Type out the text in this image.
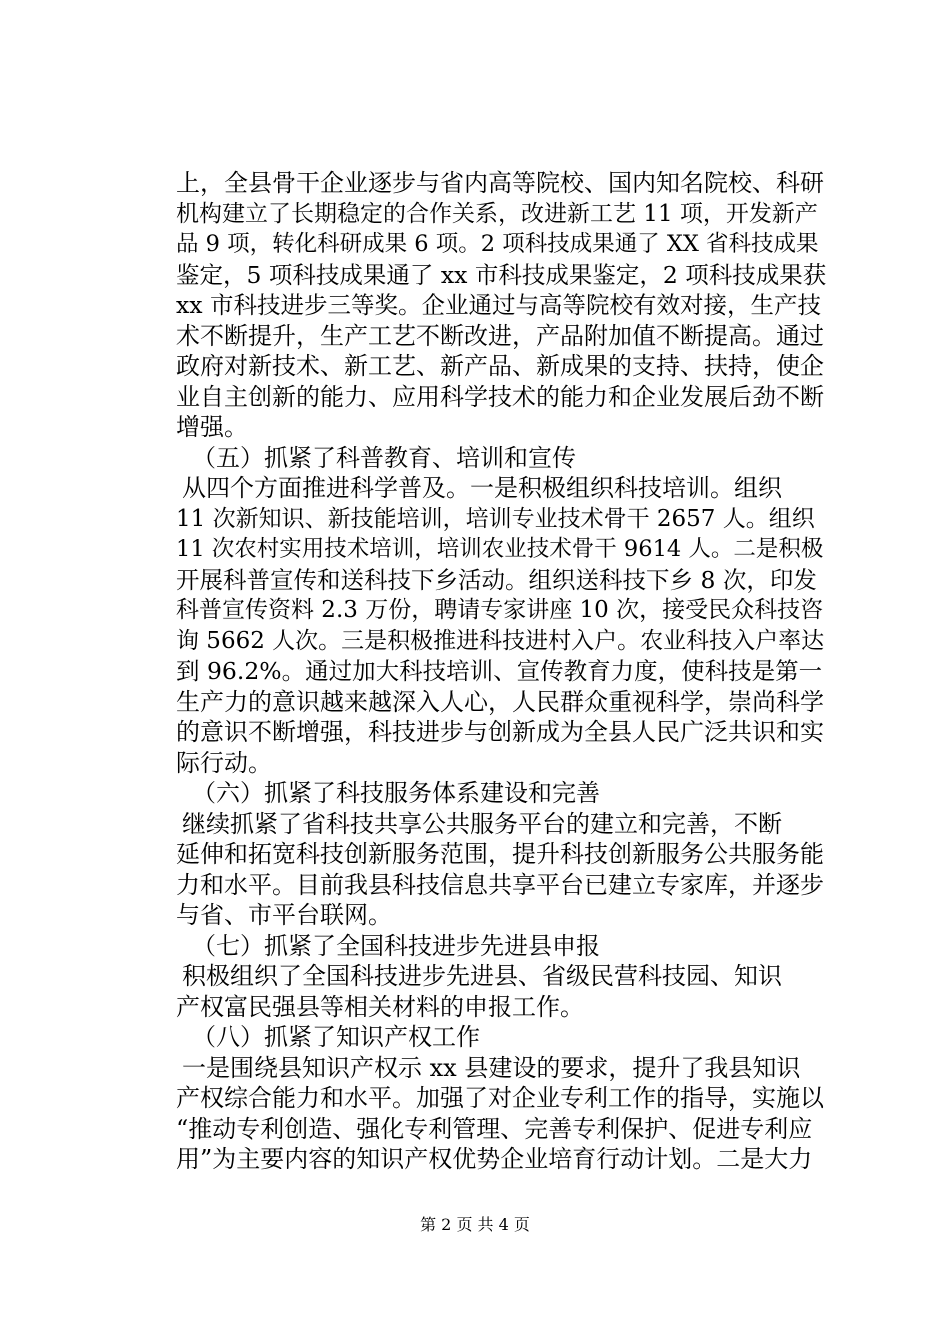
上，全县骨干企业逐步与省内高等院校、国内知名院校、科研
机构建立了长期稳定的合作关系，改进新工艺 11 项，开发新产
品 9 项，转化科研成果 6 项。2 项科技成果通了 XX 省科技成果
鉴定，5 项科技成果通了 xx 市科技成果鉴定，2 项科技成果获
xx 市科技进步三等奖。企业通过与高等院校有效对接，生产技
术不断提升，生产工艺不断改进，产品附加值不断提高。通过
政府对新技术、新工艺、新产品、新成果的支持、扶持，使企
业自主创新的能力、应用科学技术的能力和企业发展后劲不断
增强。
（五）抓紧了科普教育、培训和宣传
从四个方面推进科学普及。一是积极组织科技培训。组织
11 次新知识、新技能培训，培训专业技术骨干 2657 人。组织
11 次农村实用技术培训，培训农业技术骨干 9614 人。二是积极
开展科普宣传和送科技下乡活动。组织送科技下乡 8 次，印发
科普宣传资料 2.3 万份，聘请专家讲座 10 次，接受民众科技咨
询 5662 人次。三是积极推进科技进村入户。农业科技入户率达
到 96.2%。通过加大科技培训、宣传教育力度，使科技是第一
生产力的意识越来越深入人心，人民群众重视科学，崇尚科学
的意识不断增强，科技进步与创新成为全县人民广泛共识和实
际行动。
（六）抓紧了科技服务体系建设和完善
继续抓紧了省科技共享公共服务平台的建立和完善，不断
延伸和拓宽科技创新服务范围，提升科技创新服务公共服务能
力和水平。目前我县科技信息共享平台已建立专家库，并逐步
与省、市平台联网。
（七）抓紧了全国科技进步先进县申报
积极组织了全国科技进步先进县、省级民营科技园、知识
产权富民强县等相关材料的申报工作。
（八）抓紧了知识产权工作
一是围绕县知识产权示 xx 县建设的要求，提升了我县知识
产权综合能力和水平。加强了对企业专利工作的指导，实施以
“推动专利创造、强化专利管理、完善专利保护、促进专利应
用”为主要内容的知识产权优势企业培育行动计划。二是大力
第 2 页 共 4 页
